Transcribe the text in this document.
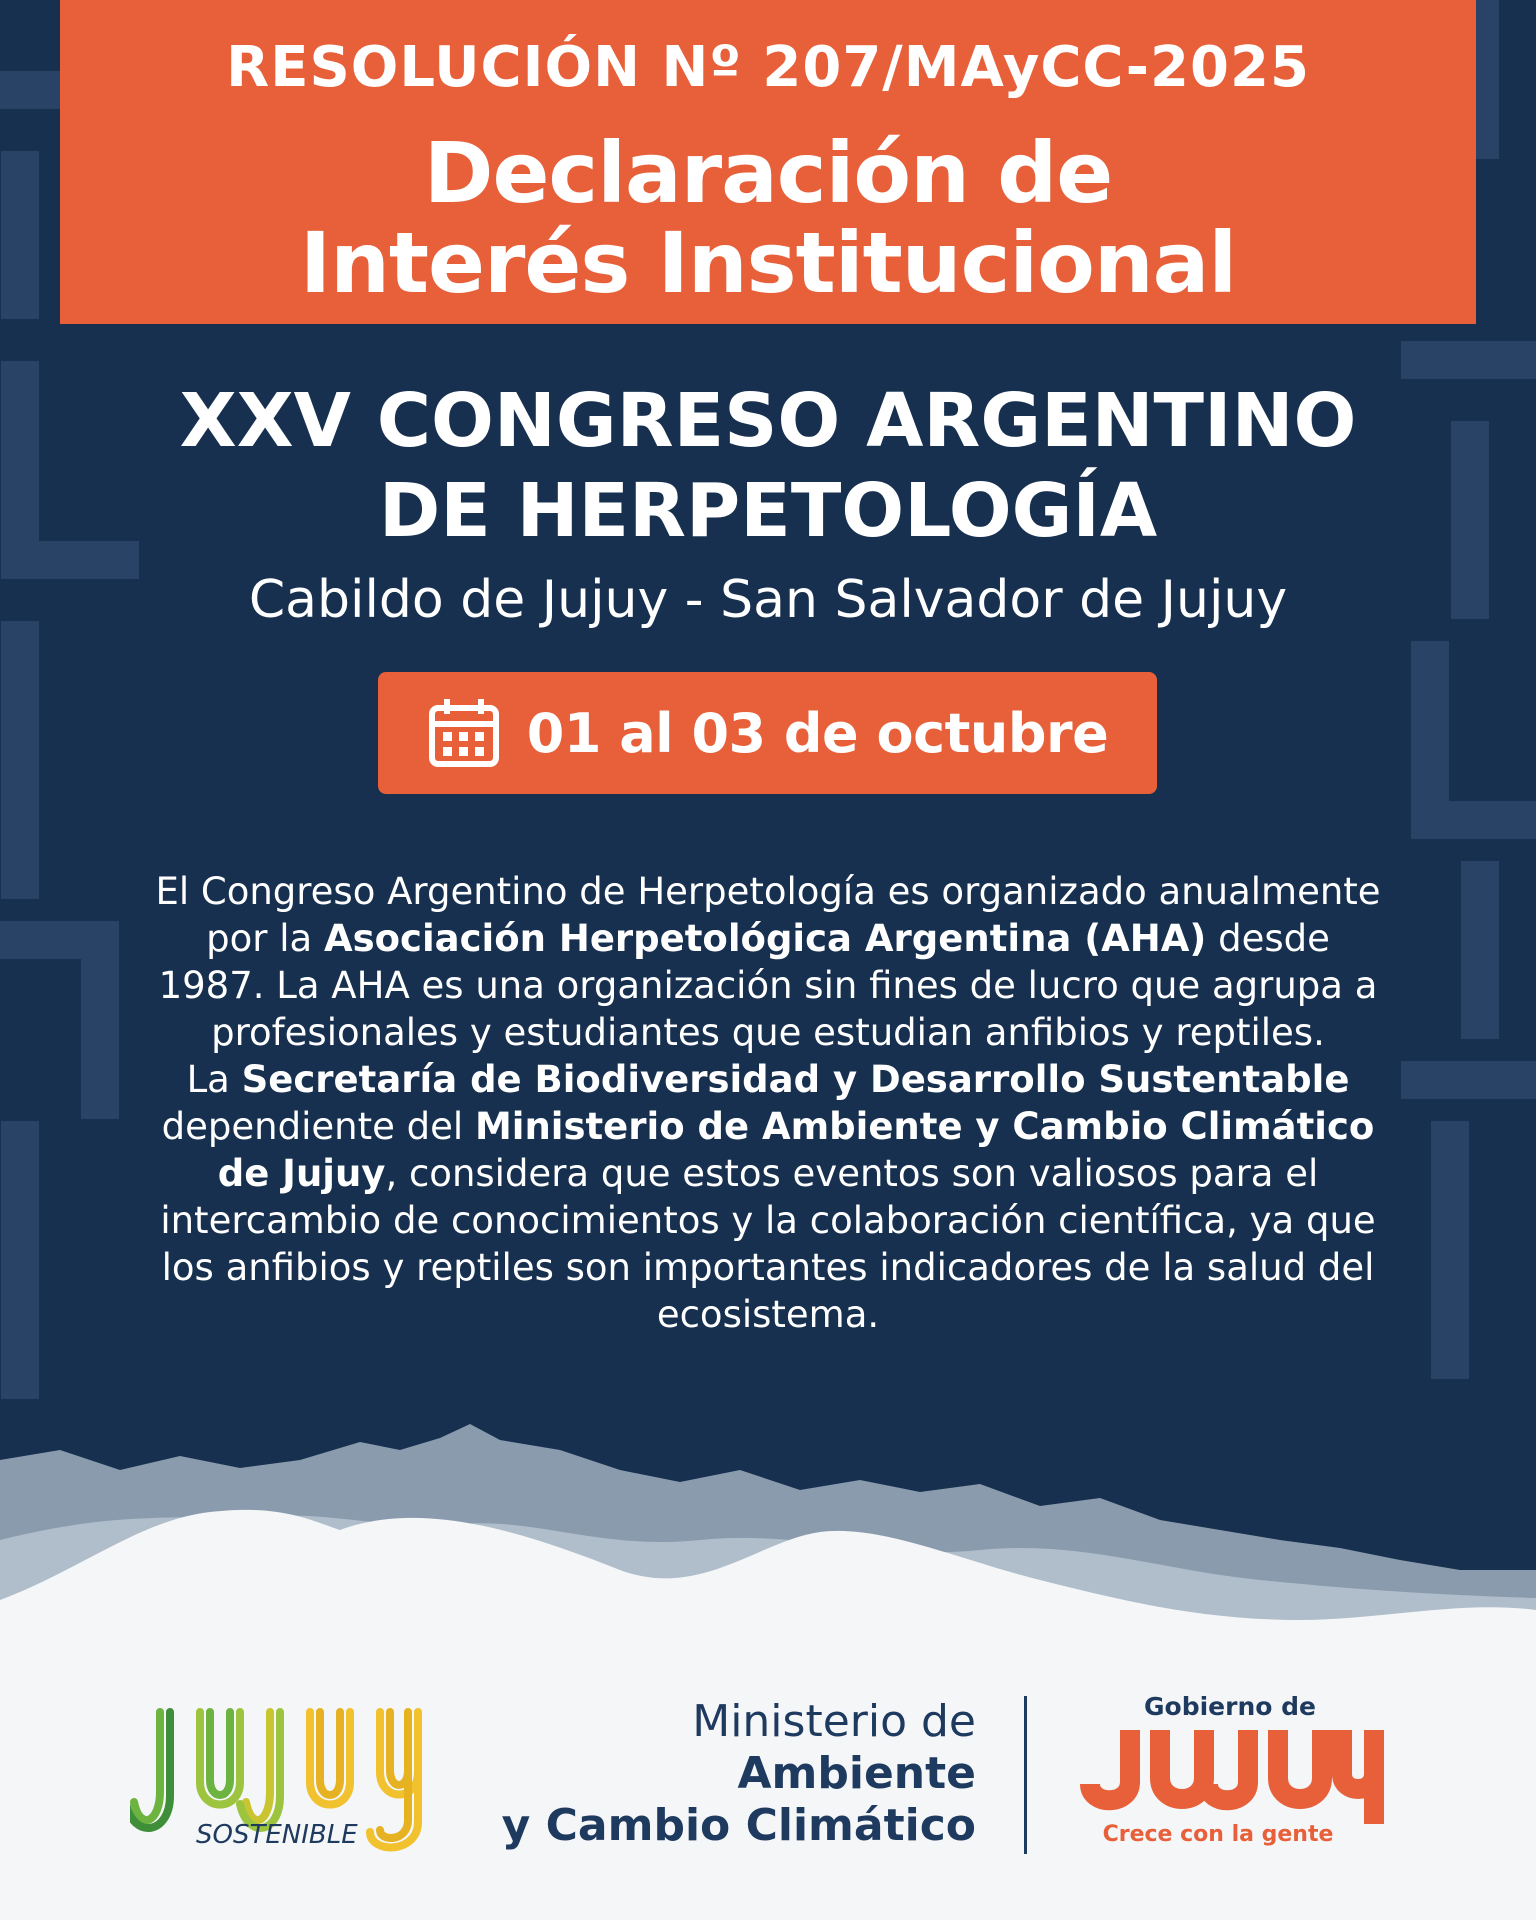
RESOLUCIÓN Nº 207/MAyCC-2025
Declaración de
Interés Institucional
XXV CONGRESO ARGENTINO
DE HERPETOLOGÍA
Cabildo de Jujuy - San Salvador de Jujuy
01 al 03 de octubre

El Congreso Argentino de Herpetología es organizado anualmente por la Asociación Herpetológica Argentina (AHA) desde 1987. La AHA es una organización sin fines de lucro que agrupa a profesionales y estudiantes que estudian anfibios y reptiles.

La Secretaría de Biodiversidad y Desarrollo Sustentable dependiente del Ministerio de Ambiente y Cambio Climático de Jujuy, considera que estos eventos son valiosos para el intercambio de conocimientos y la colaboración científica, ya que los anfibios y reptiles son importantes indicadores de la salud del ecosistema.

SOSTENIBLE
Ministerio de
Ambiente
y Cambio Climático
Gobierno de
Crece con la gente
